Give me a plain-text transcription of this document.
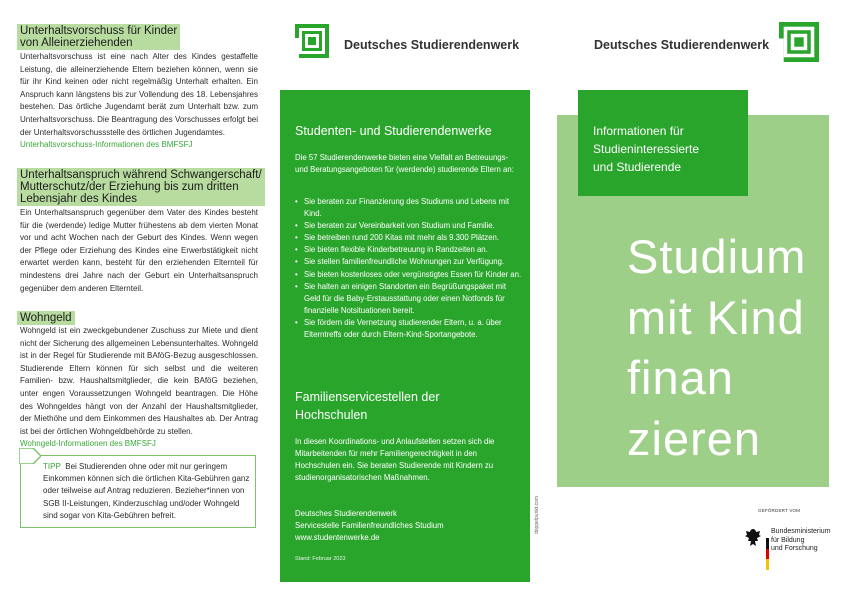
Unterhaltsvorschuss für Kinder
von Alleinerziehenden
Unterhaltsvorschuss ist eine nach Alter des Kindes gestaffelte Leistung, die alleinerziehende Eltern beziehen können, wenn sie für ihr Kind keinen oder nicht regelmäßig Unterhalt erhalten. Ein Anspruch kann längstens bis zur Vollendung des 18. Lebensjahres bestehen. Das örtliche Jugendamt berät zum Unterhalt bzw. zum Unterhaltsvorschuss. Die Beantragung des Vorschusses erfolgt bei der Unterhaltsvorschussstelle des örtlichen Jugendamtes.
Unterhaltsvorschuss-Informationen des BMFSFJ
Unterhaltsanspruch während Schwangerschaft/
Mutterschutz/der Erziehung bis zum dritten
Lebensjahr des Kindes
Ein Unterhaltsanspruch gegenüber dem Vater des Kindes besteht für die (werdende) ledige Mutter frühestens ab dem vierten Monat vor und acht Wochen nach der Geburt des Kindes. Wenn wegen der Pflege oder Erziehung des Kindes eine Erwerbstätigkeit nicht erwartet werden kann, besteht für den erziehenden Elternteil für mindestens drei Jahre nach der Geburt ein Unterhaltsanspruch gegenüber dem anderen Elternteil.
Wohngeld
Wohngeld ist ein zweckgebundener Zuschuss zur Miete und dient nicht der Sicherung des allgemeinen Lebensunterhaltes. Wohngeld ist in der Regel für Studierende mit BAföG-Bezug ausgeschlossen. Studierende Eltern können für sich selbst und die weiteren Familien- bzw. Haushaltsmitglieder, die kein BAföG beziehen, unter engen Voraussetzungen Wohngeld beantragen. Die Höhe des Wohngeldes hängt von der Anzahl der Haushaltsmitglieder, der Miethöhe und dem Einkommen des Haushaltes ab. Der Antrag ist bei der örtlichen Wohngeldbehörde zu stellen.
Wohngeld-Informationen des BMFSFJ
TIPP Bei Studierenden ohne oder mit nur geringem Einkommen können sich die örtlichen Kita-Gebühren ganz oder teilweise auf Antrag reduzieren. Bezieher*innen von SGB II-Leistungen, Kinderzuschlag und/oder Wohngeld sind sogar von Kita-Gebühren befreit.
Deutsches Studierendenwerk
Studenten- und Studierendenwerke
Die 57 Studierendenwerke bieten eine Vielfalt an Betreuungs- und Beratungsangeboten für (werdende) studierende Eltern an:
• Sie beraten zur Finanzierung des Studiums und Lebens mit Kind.
• Sie beraten zur Vereinbarkeit von Studium und Familie.
• Sie betreiben rund 200 Kitas mit mehr als 9.300 Plätzen.
• Sie bieten flexible Kinderbetreuung in Randzeiten an.
• Sie stellen familienfreundliche Wohnungen zur Verfügung.
• Sie bieten kostenloses oder vergünstigtes Essen für Kinder an.
• Sie halten an einigen Standorten ein Begrüßungspaket mit Geld für die Baby-Erstausstattung oder einen Notfonds für finanzielle Notsituationen bereit.
• Sie fördern die Vernetzung studierender Eltern, u. a. über Elterntreffs oder durch Eltern-Kind-Sportangebote.
Familienservicestellen der
Hochschulen
In diesen Koordinations- und Anlaufstellen setzen sich die Mitarbeitenden für mehr Familiengerechtigkeit in den Hochschulen ein. Sie beraten Studierende mit Kindern zu studienorganisatorischen Maßnahmen.
Deutsches Studierendenwerk
Servicestelle Familienfreundliches Studium
www.studentenwerke.de
Stand: Februar 2023
doppelpunkt.com
Deutsches Studierendenwerk
Studium
mit Kind
finan
zieren
Informationen für
Studieninteressierte
und Studierende
GEFÖRDERT VOM
Bundesministerium
für Bildung
und Forschung
